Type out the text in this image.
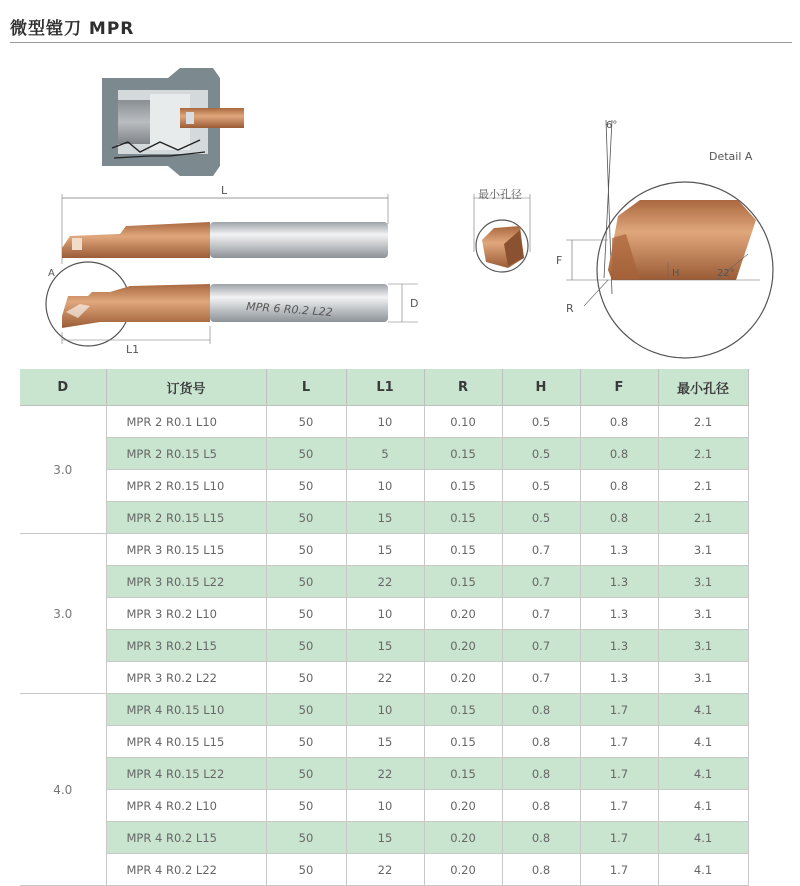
微型镗刀 MPR
L
A
MPR 6 R0.2 L22	D
L1
最小孔径
Detail A
6°
F
H	22°
R
D	订货号	L	L1	R	H	F	最小孔径
3.0	MPR 2 R0.1 L10	50	10	0.10	0.5	0.8	2.1
	MPR 2 R0.15 L5	50	5	0.15	0.5	0.8	2.1
	MPR 2 R0.15 L10	50	10	0.15	0.5	0.8	2.1
	MPR 2 R0.15 L15	50	15	0.15	0.5	0.8	2.1
3.0	MPR 3 R0.15 L15	50	15	0.15	0.7	1.3	3.1
	MPR 3 R0.15 L22	50	22	0.15	0.7	1.3	3.1
	MPR 3 R0.2 L10	50	10	0.20	0.7	1.3	3.1
	MPR 3 R0.2 L15	50	15	0.20	0.7	1.3	3.1
	MPR 3 R0.2 L22	50	22	0.20	0.7	1.3	3.1
4.0	MPR 4 R0.15 L10	50	10	0.15	0.8	1.7	4.1
	MPR 4 R0.15 L15	50	15	0.15	0.8	1.7	4.1
	MPR 4 R0.15 L22	50	22	0.15	0.8	1.7	4.1
	MPR 4 R0.2 L10	50	10	0.20	0.8	1.7	4.1
	MPR 4 R0.2 L15	50	15	0.20	0.8	1.7	4.1
	MPR 4 R0.2 L22	50	22	0.20	0.8	1.7	4.1
